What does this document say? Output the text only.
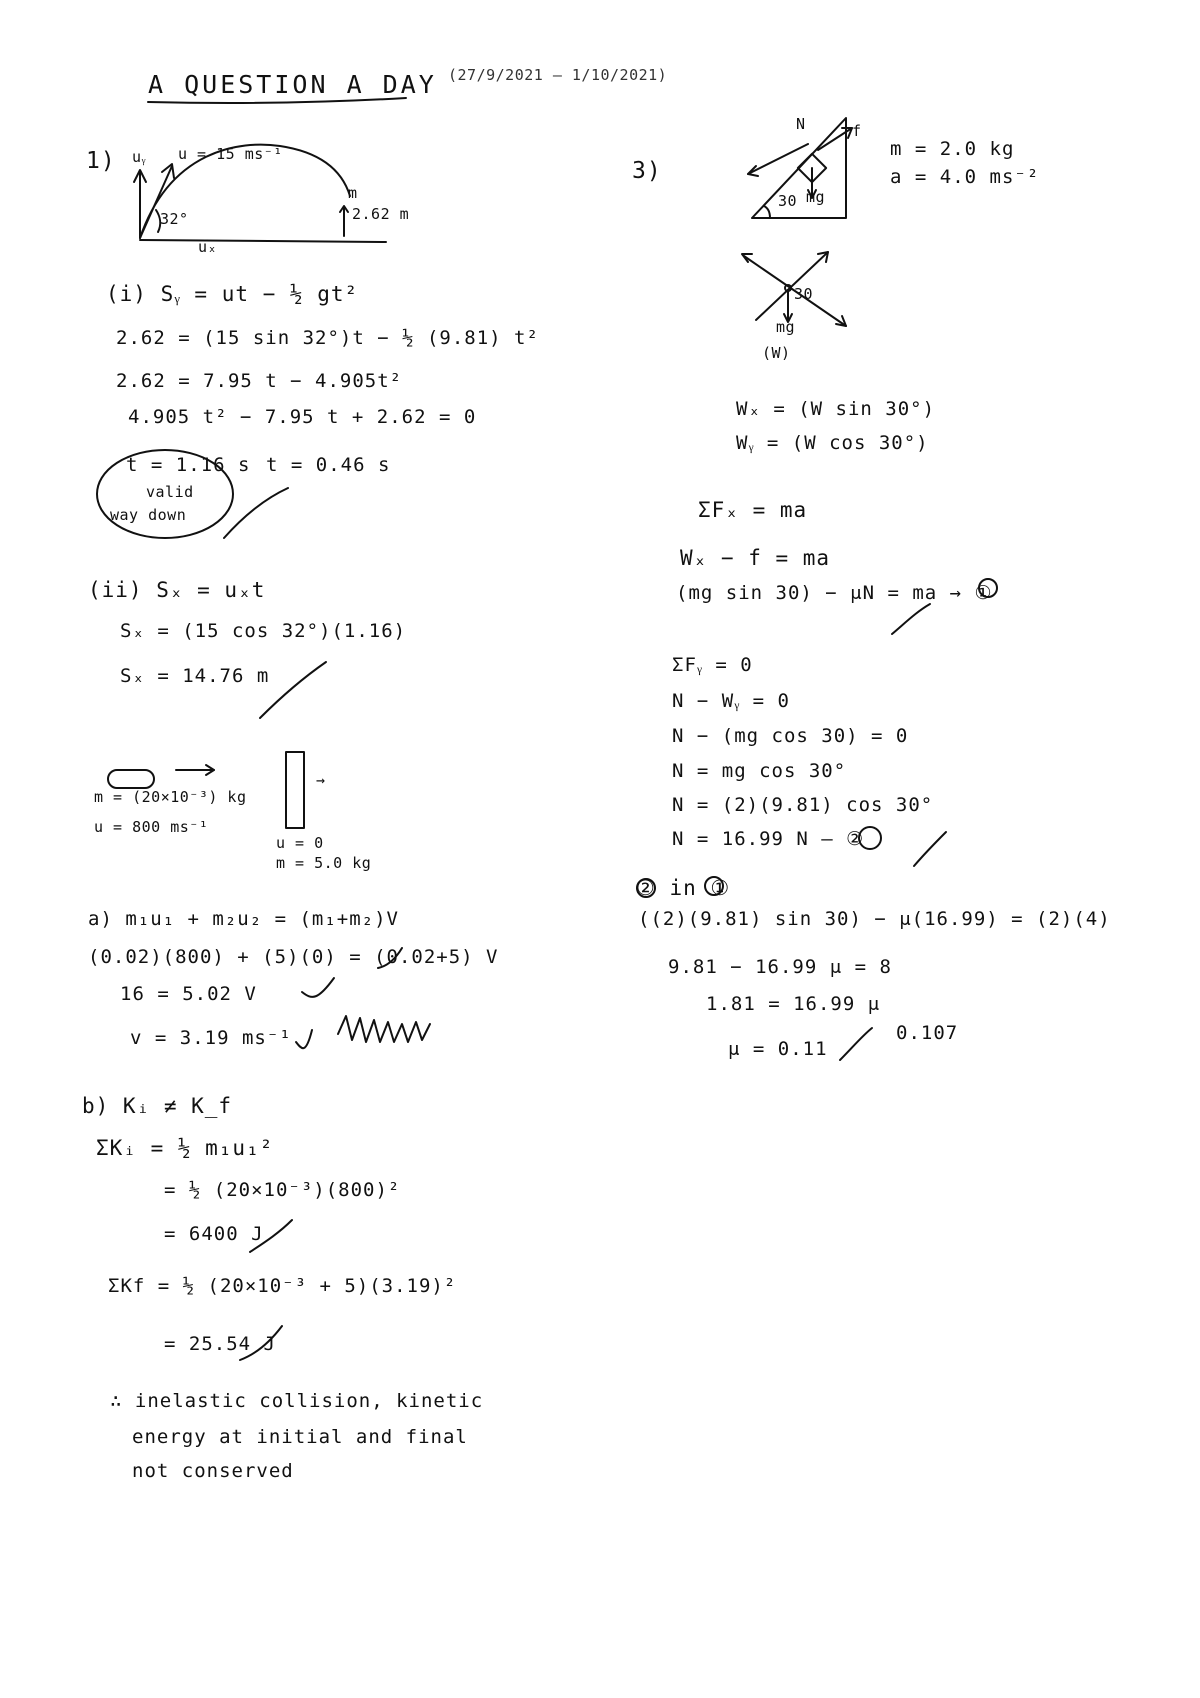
A QUESTION A DAY (27/9/2021 – 1/10/2021)

1) uᵧ u = 15 ms⁻¹

32°

uₓ

m

2.62 m

(i) Sᵧ = ut − ½ gt²

2.62 = (15 sin 32°)t − ½ (9.81) t²

2.62 = 7.95 t − 4.905t²

4.905 t² − 7.95 t + 2.62 = 0

t = 1.16 s

valid

way down

t = 0.46 s

(ii) Sₓ = uₓt

Sₓ = (15 cos 32°)(1.16)

Sₓ = 14.76 m

m = (20×10⁻³) kg

u = 800 ms⁻¹

→

u = 0

m = 5.0 kg

a) m₁u₁ + m₂u₂ = (m₁+m₂)V

(0.02)(800) + (5)(0) = (0.02+5) V

16 = 5.02 V

v = 3.19 ms⁻¹

b) Kᵢ ≠ K_f

ΣKᵢ = ½ m₁u₁²

= ½ (20×10⁻³)(800)²

= 6400 J

ΣKf = ½ (20×10⁻³ + 5)(3.19)²

= 25.54 J

∴ inelastic collision, kinetic

energy at initial and final

not conserved

3)

m = 2.0 kg

a = 4.0 ms⁻²

N	f

30 mg

30

mg

(W)

Wₓ = (W sin 30°)

Wᵧ = (W cos 30°)

ΣFₓ = ma

Wₓ − f = ma

(mg sin 30) − μN = ma → ①

ΣFᵧ = 0

N − Wᵧ = 0

N − (mg cos 30) = 0

N = mg cos 30°

N = (2)(9.81) cos 30°

N = 16.99 N — ②

② in ①

((2)(9.81) sin 30) − μ(16.99) = (2)(4)

9.81 − 16.99 μ = 8

1.81 = 16.99 μ

μ = 0.11

0.107
